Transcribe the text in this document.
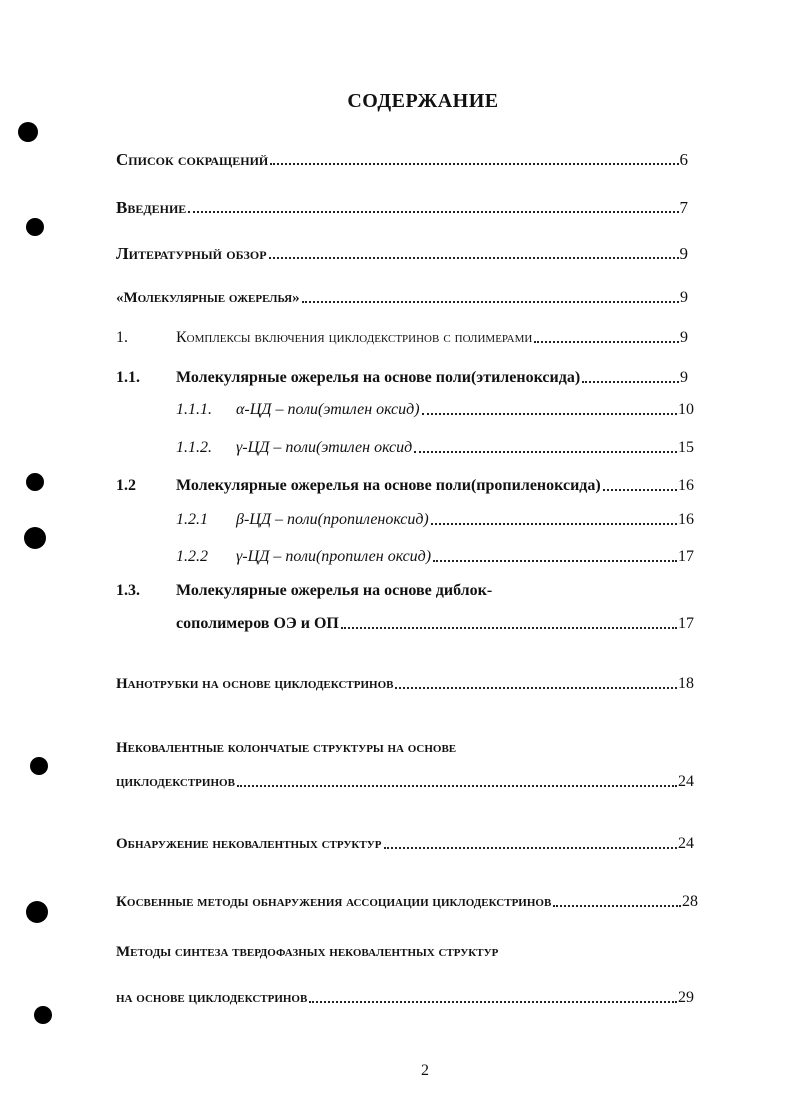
СОДЕРЖАНИЕ
Список сокращений	6
Введение	7
Литературный обзор	9
«Молекулярные ожерелья»	9
1.	Комплексы включения циклодекстринов с полимерами	9
1.1.	Молекулярные ожерелья на основе поли(этиленоксида)	9
1.1.1.	α-ЦД – поли(этилен оксид)	10
1.1.2.	γ-ЦД – поли(этилен оксид	15
1.2	Молекулярные ожерелья на основе поли(пропиленоксида)	16
1.2.1	β-ЦД – поли(пропиленоксид)	16
1.2.2	γ-ЦД – поли(пропилен оксид)	17
1.3. Молекулярные ожерелья на основе диблок-
сополимеров ОЭ и ОП	17
Нанотрубки на основе циклодекстринов	18
Нековалентные колончатые структуры на основе
циклодекстринов	24
Обнаружение нековалентных структур	24
Косвенные методы обнаружения ассоциации циклодекстринов	28
Методы синтеза твердофазных нековалентных структур
на основе циклодекстринов	29
2
